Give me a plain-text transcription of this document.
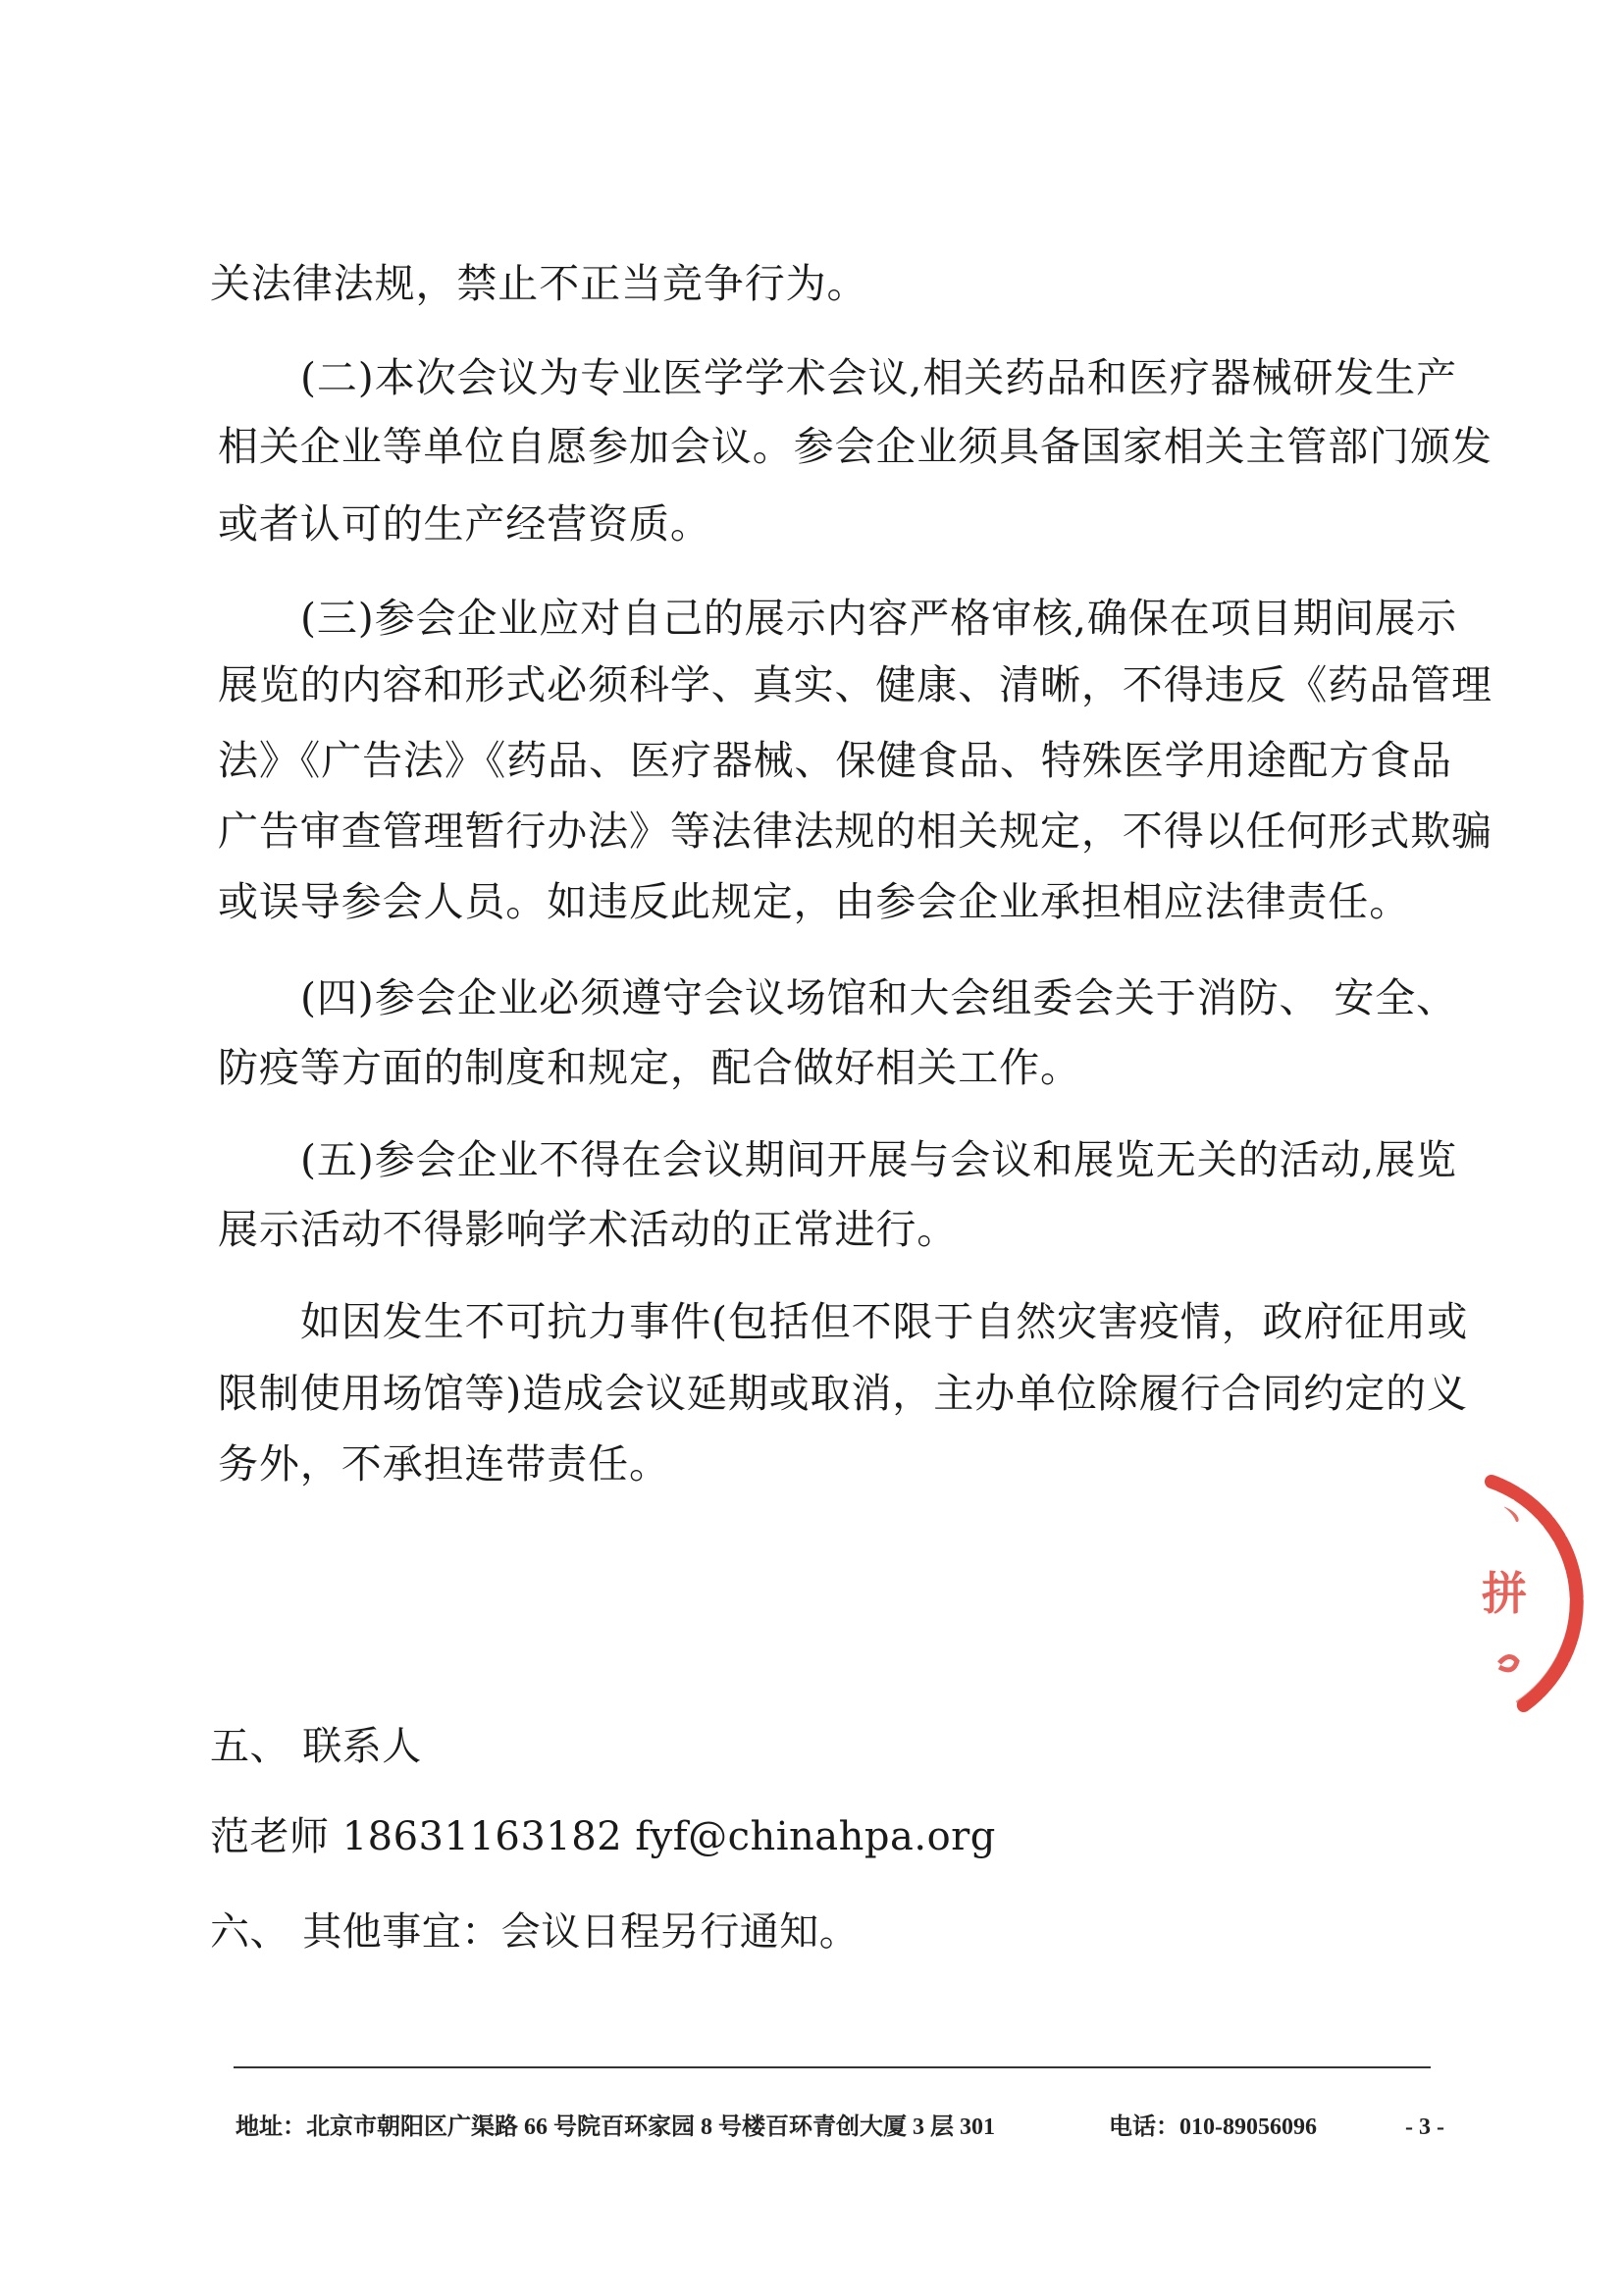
关法律法规，禁止不正当竞争行为。
(二)本次会议为专业医学学术会议,相关药品和医疗器械研发生产
相关企业等单位自愿参加会议。参会企业须具备国家相关主管部门颁发
或者认可的生产经营资质。
(三)参会企业应对自己的展示内容严格审核,确保在项目期间展示
展览的内容和形式必须科学、真实、健康、清晰，不得违反《药品管理
法》《广告法》《药品、医疗器械、保健食品、特殊医学用途配方食品
广告审查管理暂行办法》等法律法规的相关规定，不得以任何形式欺骗
或误导参会人员。如违反此规定，由参会企业承担相应法律责任。
(四)参会企业必须遵守会议场馆和大会组委会关于消防、 安全、
防疫等方面的制度和规定，配合做好相关工作。
(五)参会企业不得在会议期间开展与会议和展览无关的活动,展览
展示活动不得影响学术活动的正常进行。
如因发生不可抗力事件(包括但不限于自然灾害疫情，政府征用或
限制使用场馆等)造成会议延期或取消，主办单位除履行合同约定的义
务外，不承担连带责任。
五、 联系人
范老师 18631163182 fyf@chinahpa.org
六、 其他事宜：会议日程另行通知。
地址：北京市朝阳区广渠路 66 号院百环家园 8 号楼百环青创大厦 3 层 301	电话：010-89056096	- 3 -
拼
丶
